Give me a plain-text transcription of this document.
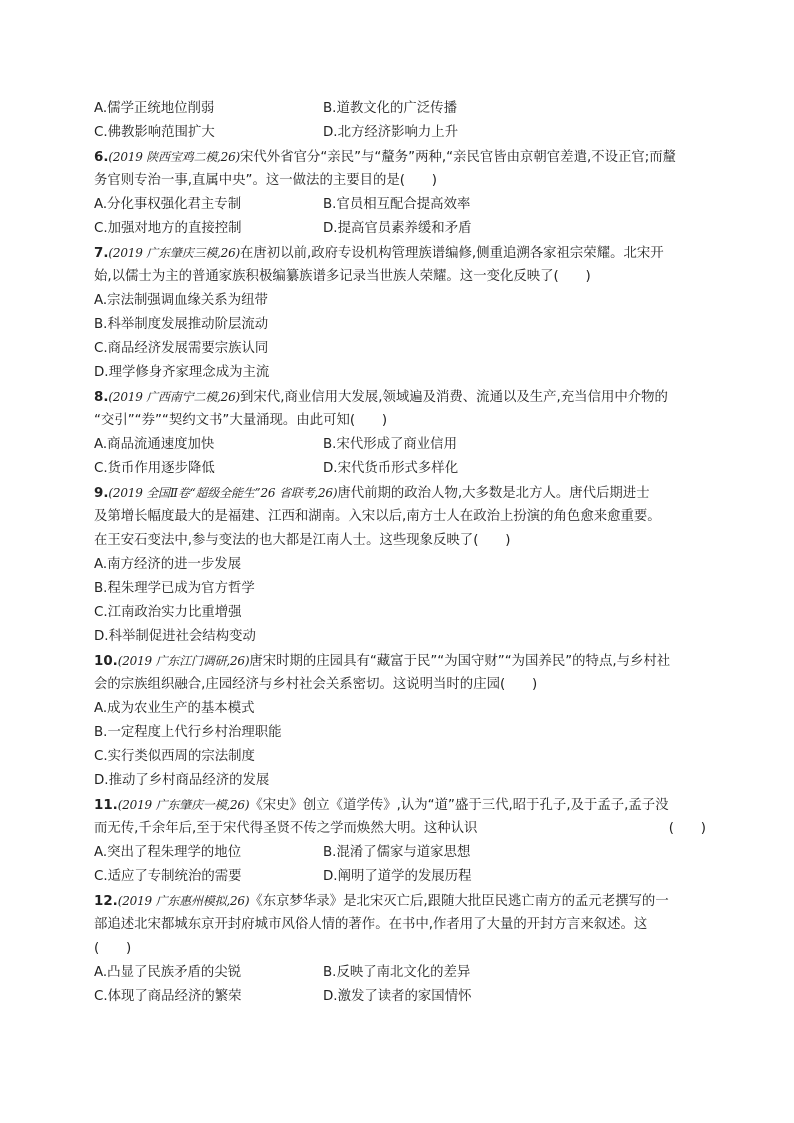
A.儒学正统地位削弱	B.道教文化的广泛传播
C.佛教影响范围扩大	D.北方经济影响力上升
6.(2019 陕西宝鸡二模,26)宋代外省官分“亲民”与“釐务”两种,“亲民官皆由京朝官差遣,不设正官;而釐
务官则专治一事,直属中央”。这一做法的主要目的是(　　)
A.分化事权强化君主专制	B.官员相互配合提高效率
C.加强对地方的直接控制	D.提高官员素养缓和矛盾
7.(2019 广东肇庆三模,26)在唐初以前,政府专设机构管理族谱编修,侧重追溯各家祖宗荣耀。北宋开
始,以儒士为主的普通家族积极编纂族谱多记录当世族人荣耀。这一变化反映了(　　)
A.宗法制强调血缘关系为纽带
B.科举制度发展推动阶层流动
C.商品经济发展需要宗族认同
D.理学修身齐家理念成为主流
8.(2019 广西南宁二模,26)到宋代,商业信用大发展,领域遍及消费、流通以及生产,充当信用中介物的
“交引”“券”“契约文书”大量涌现。由此可知(　　)
A.商品流通速度加快	B.宋代形成了商业信用
C.货币作用逐步降低	D.宋代货币形式多样化
9.(2019 全国Ⅱ卷“超级全能生”26 省联考,26)唐代前期的政治人物,大多数是北方人。唐代后期进士
及第增长幅度最大的是福建、江西和湖南。入宋以后,南方士人在政治上扮演的角色愈来愈重要。
在王安石变法中,参与变法的也大都是江南人士。这些现象反映了(　　)
A.南方经济的进一步发展
B.程朱理学已成为官方哲学
C.江南政治实力比重增强
D.科举制促进社会结构变动
10.(2019 广东江门调研,26)唐宋时期的庄园具有“藏富于民”“为国守财”“为国养民”的特点,与乡村社
会的宗族组织融合,庄园经济与乡村社会关系密切。这说明当时的庄园(　　)
A.成为农业生产的基本模式
B.一定程度上代行乡村治理职能
C.实行类似西周的宗法制度
D.推动了乡村商品经济的发展
11.(2019 广东肇庆一模,26)《宋史》创立《道学传》,认为“道”盛于三代,昭于孔子,及于孟子,孟子没
而无传,千余年后,至于宋代得圣贤不传之学而焕然大明。这种认识	(　　)
A.突出了程朱理学的地位	B.混淆了儒家与道家思想
C.适应了专制统治的需要	D.阐明了道学的发展历程
12.(2019 广东惠州模拟,26)《东京梦华录》是北宋灭亡后,跟随大批臣民逃亡南方的孟元老撰写的一
部追述北宋都城东京开封府城市风俗人情的著作。在书中,作者用了大量的开封方言来叙述。这
(　　)
A.凸显了民族矛盾的尖锐	B.反映了南北文化的差异
C.体现了商品经济的繁荣	D.激发了读者的家国情怀
